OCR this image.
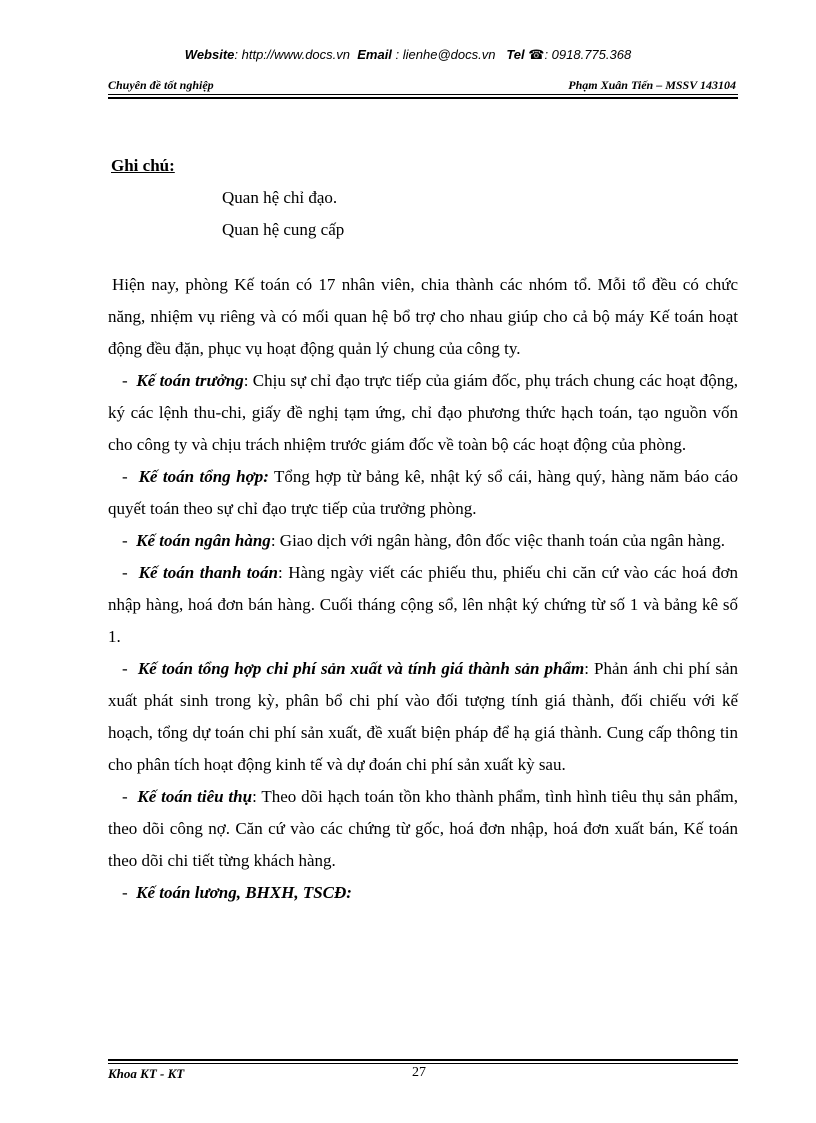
Website: http://www.docs.vn Email : lienhe@docs.vn Tel ☎: 0918.775.368
Chuyên đề tốt nghiệp	Phạm Xuân Tiến – MSSV 143104
Ghi chú:
Quan hệ chỉ đạo.
Quan hệ cung cấp

Hiện nay, phòng Kế toán có 17 nhân viên, chia thành các nhóm tổ. Mỗi tổ đều có chức năng, nhiệm vụ riêng và có mối quan hệ bổ trợ cho nhau giúp cho cả bộ máy Kế toán hoạt động đều đặn, phục vụ hoạt động quản lý chung của công ty.

- Kế toán trưởng: Chịu sự chỉ đạo trực tiếp của giám đốc, phụ trách chung các hoạt động, ký các lệnh thu-chi, giấy đề nghị tạm ứng, chỉ đạo phương thức hạch toán, tạo nguồn vốn cho công ty và chịu trách nhiệm trước giám đốc về toàn bộ các hoạt động của phòng.

- Kế toán tổng hợp: Tổng hợp từ bảng kê, nhật ký sổ cái, hàng quý, hàng năm báo cáo quyết toán theo sự chỉ đạo trực tiếp của trưởng phòng.

- Kế toán ngân hàng: Giao dịch với ngân hàng, đôn đốc việc thanh toán của ngân hàng.

- Kế toán thanh toán: Hàng ngày viết các phiếu thu, phiếu chi căn cứ vào các hoá đơn nhập hàng, hoá đơn bán hàng. Cuối tháng cộng sổ, lên nhật ký chứng từ số 1 và bảng kê số 1.

- Kế toán tổng hợp chi phí sản xuất và tính giá thành sản phẩm: Phản ánh chi phí sản xuất phát sinh trong kỳ, phân bổ chi phí vào đối tượng tính giá thành, đối chiếu với kế hoạch, tổng dự toán chi phí sản xuất, đề xuất biện pháp để hạ giá thành. Cung cấp thông tin cho phân tích hoạt động kinh tế và dự đoán chi phí sản xuất kỳ sau.

- Kế toán tiêu thụ: Theo dõi hạch toán tồn kho thành phẩm, tình hình tiêu thụ sản phẩm, theo dõi công nợ. Căn cứ vào các chứng từ gốc, hoá đơn nhập, hoá đơn xuất bán, Kế toán theo dõi chi tiết từng khách hàng.

- Kế toán lương, BHXH, TSCĐ:

Khoa KT - KT	27
